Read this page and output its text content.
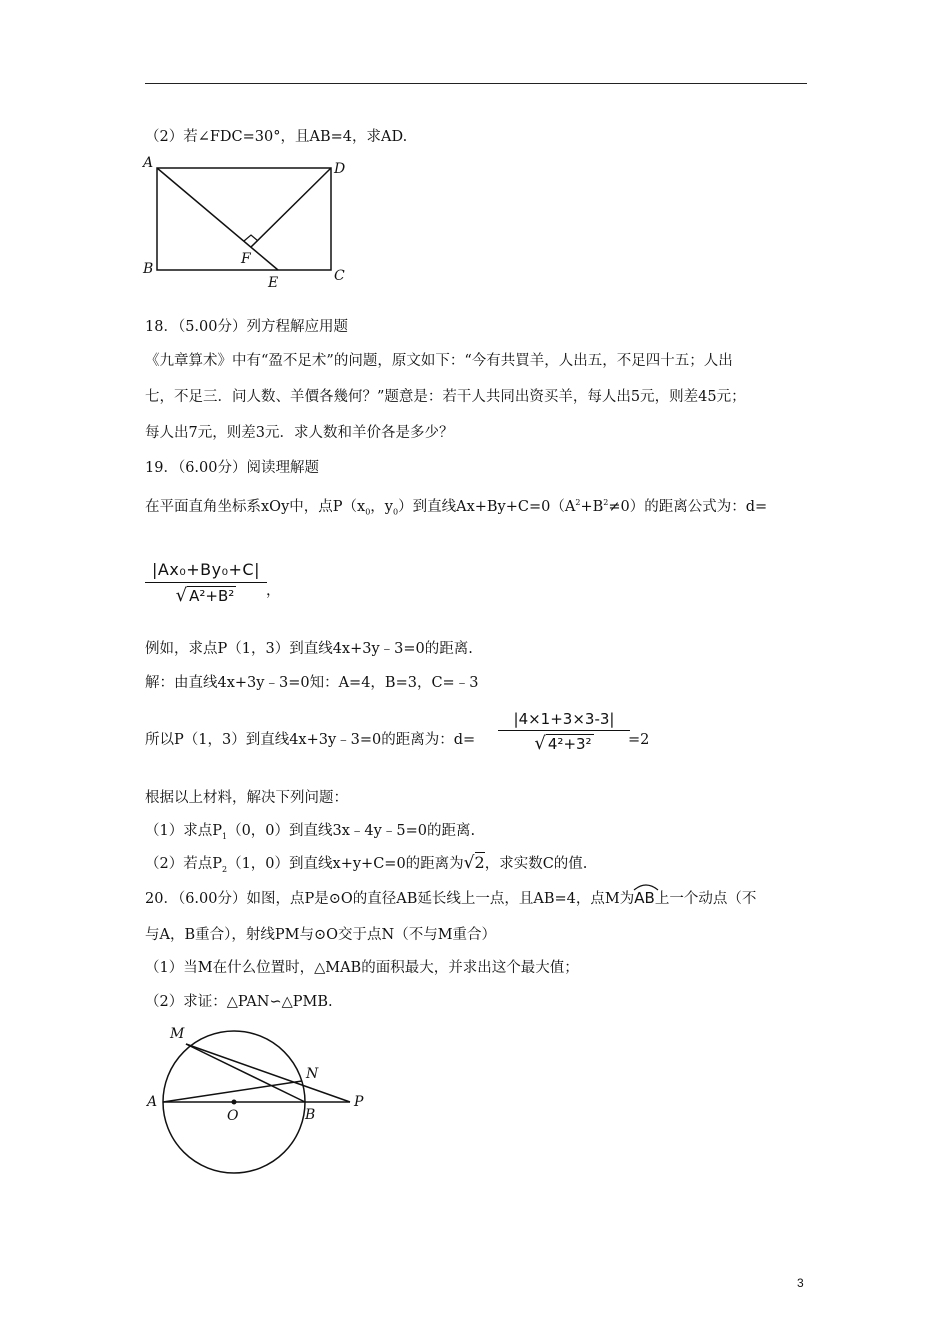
（2）若∠FDC=30°，且AB=4，求AD.
A	D
B	C
F
E
18．（5.00分）列方程解应用题
《九章算术》中有“盈不足术”的问题，原文如下：“今有共買羊，人出五，不足四十五；人出
七，不足三．问人数、羊價各幾何？”题意是：若干人共同出资买羊，每人出5元，则差45元；
每人出7元，则差3元．求人数和羊价各是多少？
19．（6.00分）阅读理解题
在平面直角坐标系xOy中，点$P(x_0$，$y_0$）到直线$Ax+By+C=0(A^2+B^2\ne 0)$的距离公式为：d=
|Ax₀+By₀+C|
√ A²+B²	，
例如，求点P（1，3）到直线4x+3y﹣3=0的距离.
解：由直线4x+3y﹣3=0知：A=4，B=3，C=﹣3
所以P（1，3）到直线4x+3y﹣3=0的距离为：d=
|4×1+3×3-3|
√ 4²+3²	=2
根据以上材料，解决下列问题：
（1）求点$P_1(0$，0）到直线3x﹣4y﹣5=0的距离.
（2）若点$P_2(1$，0）到直线x+y+C=0的距离为√2，求实数C的值.
20．（6.00分）如图，点P是⊙O的直径AB延长线上一点，且AB=4，点M为
AB上一个动点（不
与A，B重合），射线PM与⊙O交于点N（不与M重合）
（1）当M在什么位置时，△MAB的面积最大，并求出这个最大值；
（2）求证：△PAN∽△PMB.
M
N
A
O	B
P
3
